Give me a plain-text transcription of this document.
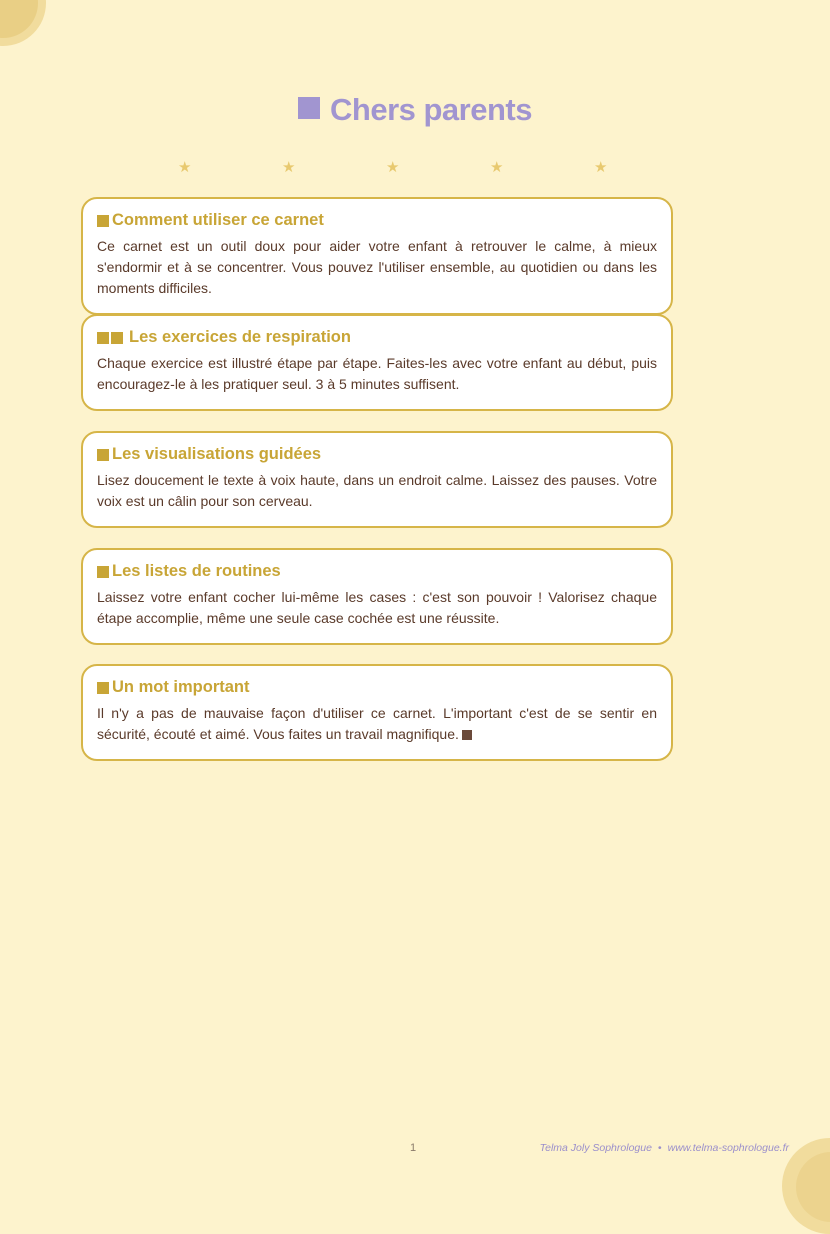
Chers parents
★	★	★	★	★
Comment utiliser ce carnet

Ce carnet est un outil doux pour aider votre enfant à retrouver le calme, à mieux s'endormir et à se concentrer. Vous pouvez l'utiliser ensemble, au quotidien ou dans les moments difficiles.

Les exercices de respiration

Chaque exercice est illustré étape par étape. Faites-les avec votre enfant au début, puis encouragez-le à les pratiquer seul. 3 à 5 minutes suffisent.

Les visualisations guidées

Lisez doucement le texte à voix haute, dans un endroit calme. Laissez des pauses. Votre voix est un câlin pour son cerveau.

Les listes de routines

Laissez votre enfant cocher lui-même les cases : c'est son pouvoir ! Valorisez chaque étape accomplie, même une seule case cochée est une réussite.

Un mot important

Il n'y a pas de mauvaise façon d'utiliser ce carnet. L'important c'est de se sentir en sécurité, écouté et aimé. Vous faites un travail magnifique.

1	Telma Joly Sophrologue • www.telma-sophrologue.fr
